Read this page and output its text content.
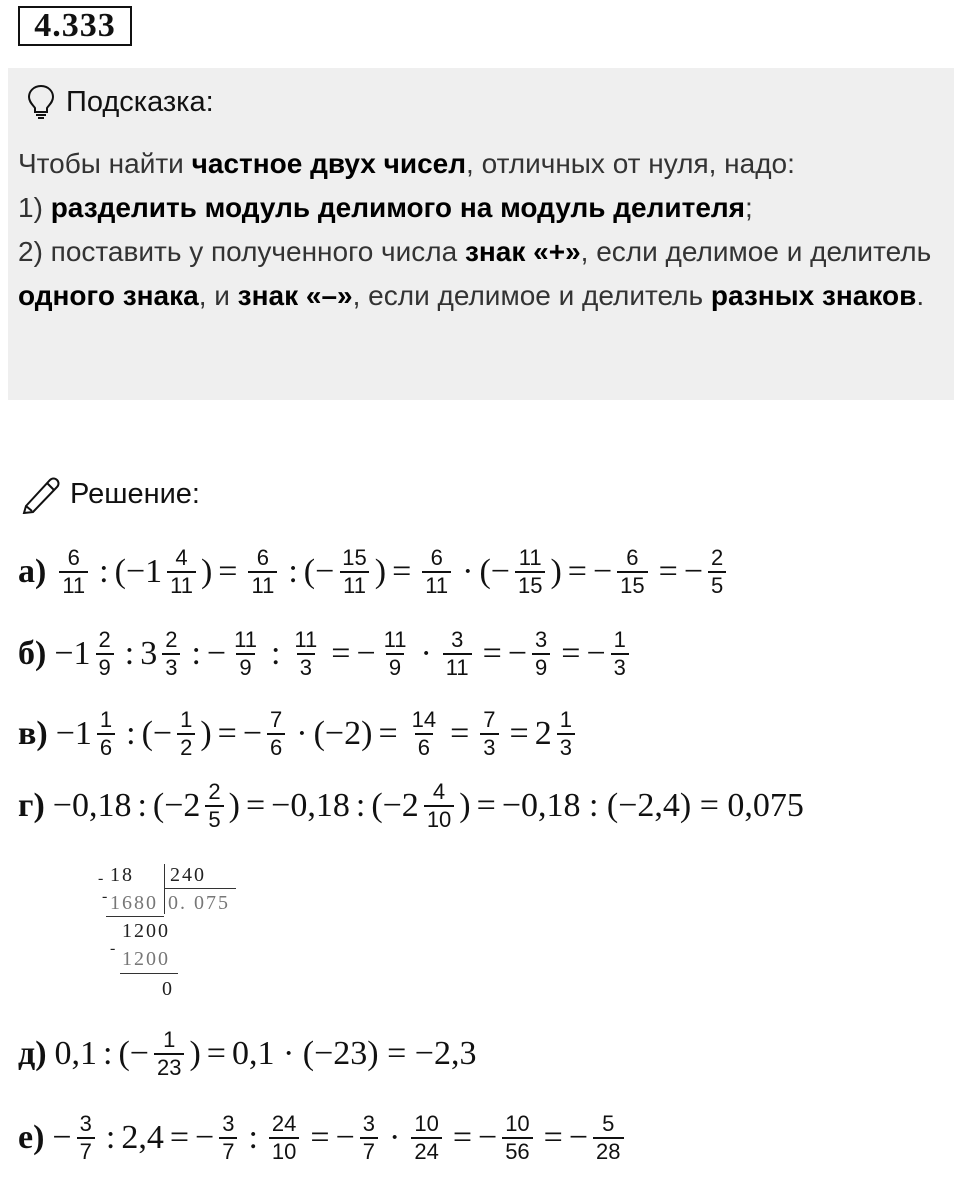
4.333
Подсказка:
Чтобы найти частное двух чисел, отличных от нуля, надо:
1) разделить модуль делимого на модуль делителя;
2) поставить у полученного числа знак «+», если делимое и делитель одного знака, и знак «–», если делимое и делитель разных знаков.
Решение:
$а) \frac{6}{11}$ : ($-1 \frac{4}{11}$ ) = $\frac{6}{11}$ : (− $\frac{15}{11}$ ) = $\frac{6}{11}$ · (− $\frac{11}{15}$ ) = − $\frac{6}{15}$ = − $\frac{2}{5}$
$б) -1 \frac{2}{9}$ : $3 \frac{2}{3}$ : − $\frac{11}{9}$ : $\frac{11}{3}$ = − $\frac{11}{9} \cdot \frac{3}{11}$ = − $\frac{3}{9}$ = − $\frac{1}{3}$
$в) -1 \frac{1}{6}$ : (− $\frac{1}{2}$ ) = − $\frac{7}{6} \cdot (-2) = \frac{14}{6} = \frac{7}{3} = 2 \frac{1}{3}$
г) −0,18 : ($-2 \frac{2}{5}$ ) = −0,18 : ($-2 \frac{4}{10}$ ) = −0,18 : (−2,4) = 0,075
- 18 240
1680 0. 075
1200
- 1200
0
-
д) 0,1 : (− $\frac{1}{23}$ ) = 0,1 · (−23) = −2,3
$е) - \frac{3}{7}$ : 2,4 = − $\frac{3}{7}$ : $\frac{24}{10}$ = − $\frac{3}{7} \cdot \frac{10}{24}$ = − $\frac{10}{56}$ = − $\frac{5}{28}$
